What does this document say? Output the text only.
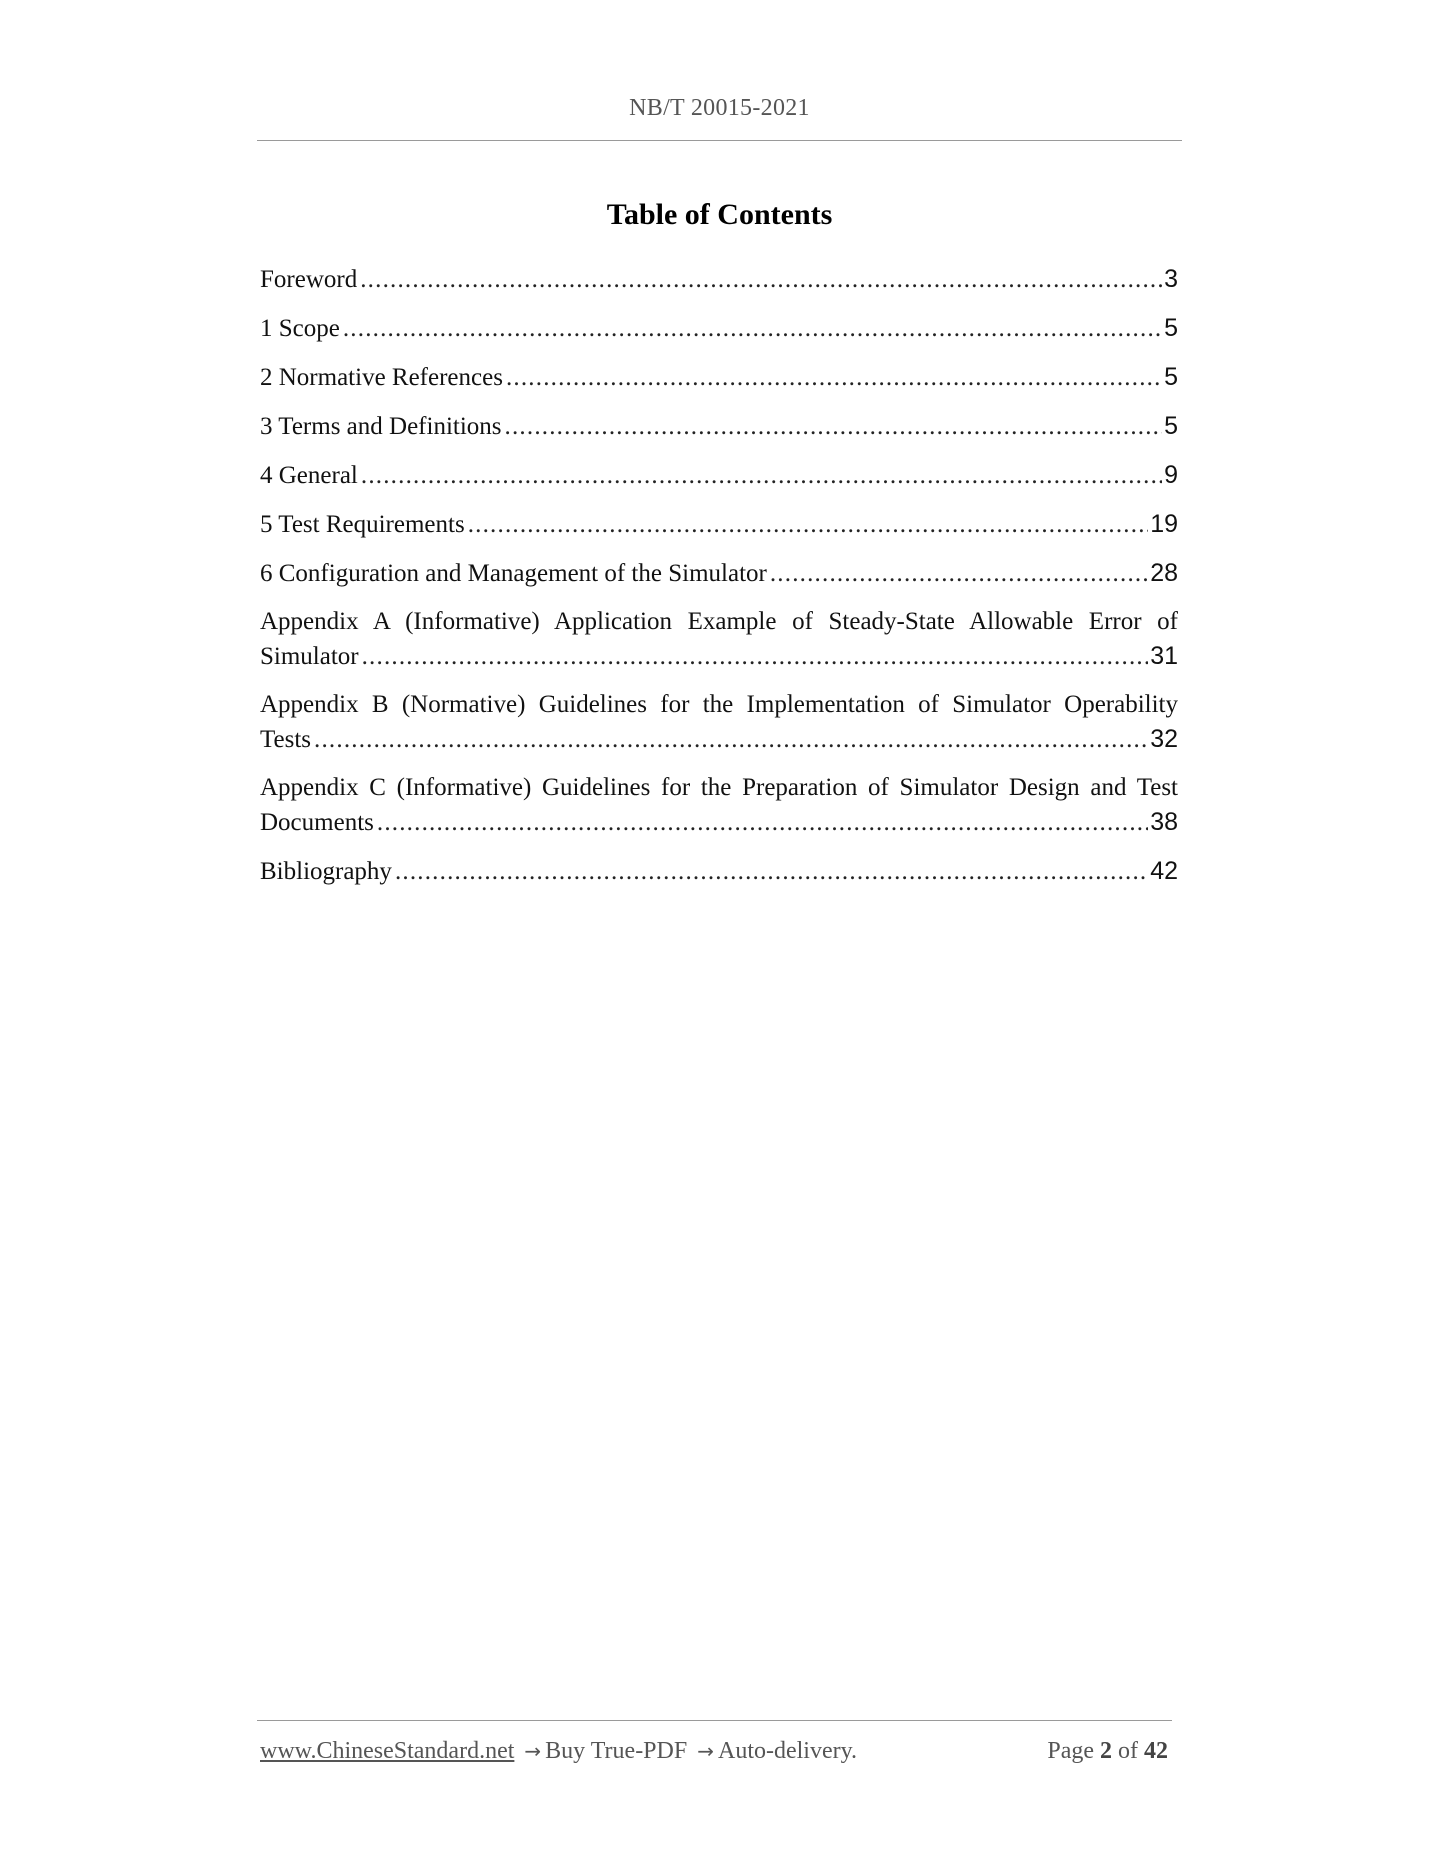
NB/T 20015-2021
Table of Contents
Foreword .....	3
1 Scope .....	5
2 Normative References .....	5
3 Terms and Definitions .....	5
4 General .....	9
5 Test Requirements .....	19
6 Configuration and Management of the Simulator .....	28
Appendix A (Informative) Application Example of Steady-State Allowable Error of
Simulator .....	31
Appendix B (Normative) Guidelines for the Implementation of Simulator Operability
Tests .....	32
Appendix C (Informative) Guidelines for the Preparation of Simulator Design and Test
Documents .....	38
Bibliography .....	42
www.ChineseStandard.net → Buy True-PDF → Auto-delivery.	Page 2 of 42
